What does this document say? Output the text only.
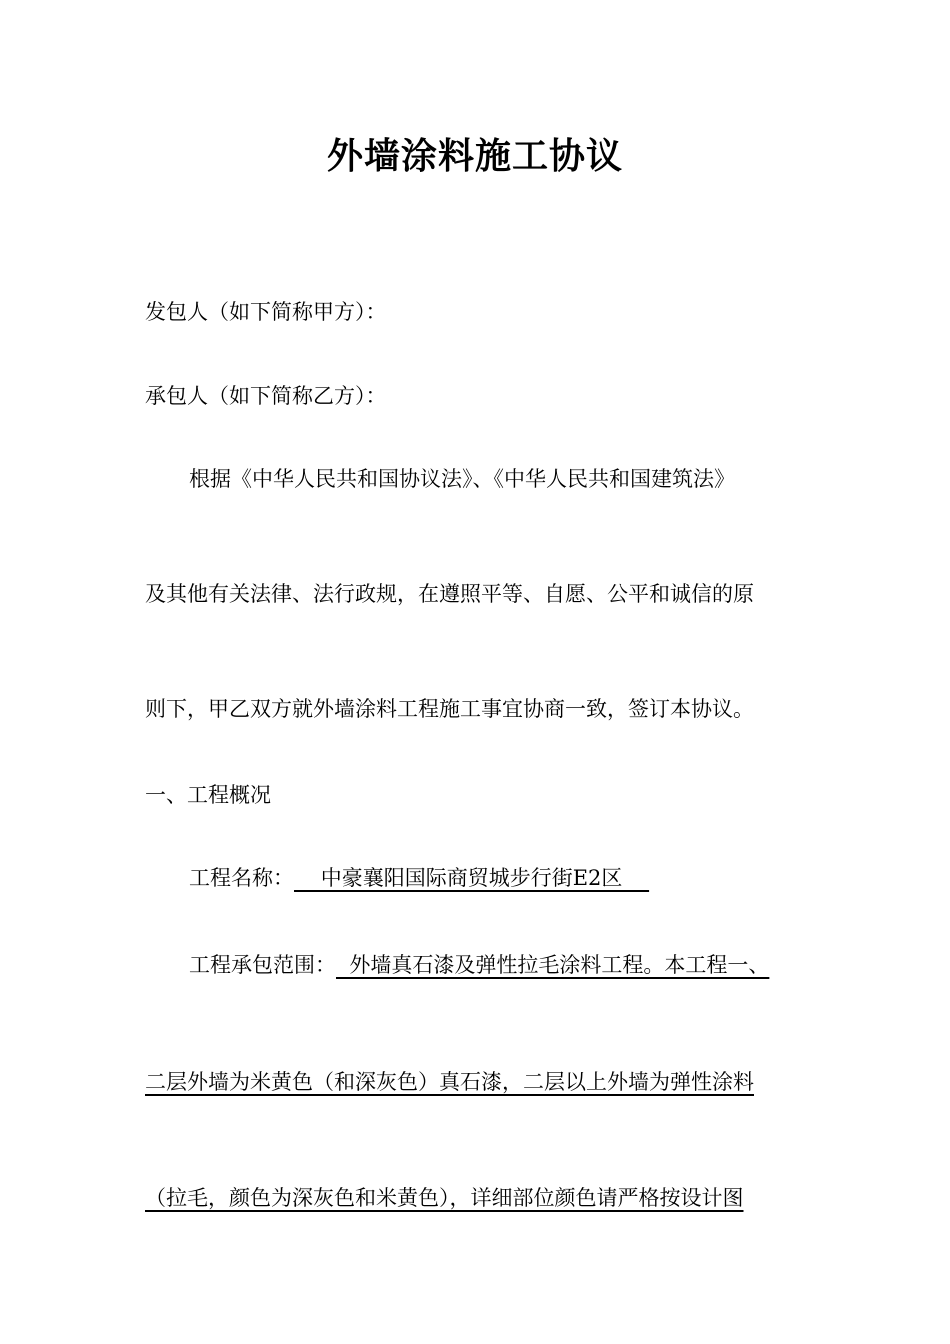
外墙涂料施工协议
发包人（如下简称甲方）：
承包人（如下简称乙方）：
根据《中华人民共和国协议法》、《中华人民共和国建筑法》
及其他有关法律、法行政规，在遵照平等、自愿、公平和诚信的原
则下，甲乙双方就外墙涂料工程施工事宜协商一致，签订本协议。
一、工程概况
工程名称：    中豪襄阳国际商贸城步行街E2区
工程承包范围：  外墙真石漆及弹性拉毛涂料工程。本工程一、
二层外墙为米黄色（和深灰色）真石漆，二层以上外墙为弹性涂料
（拉毛，颜色为深灰色和米黄色），详细部位颜色请严格按设计图
